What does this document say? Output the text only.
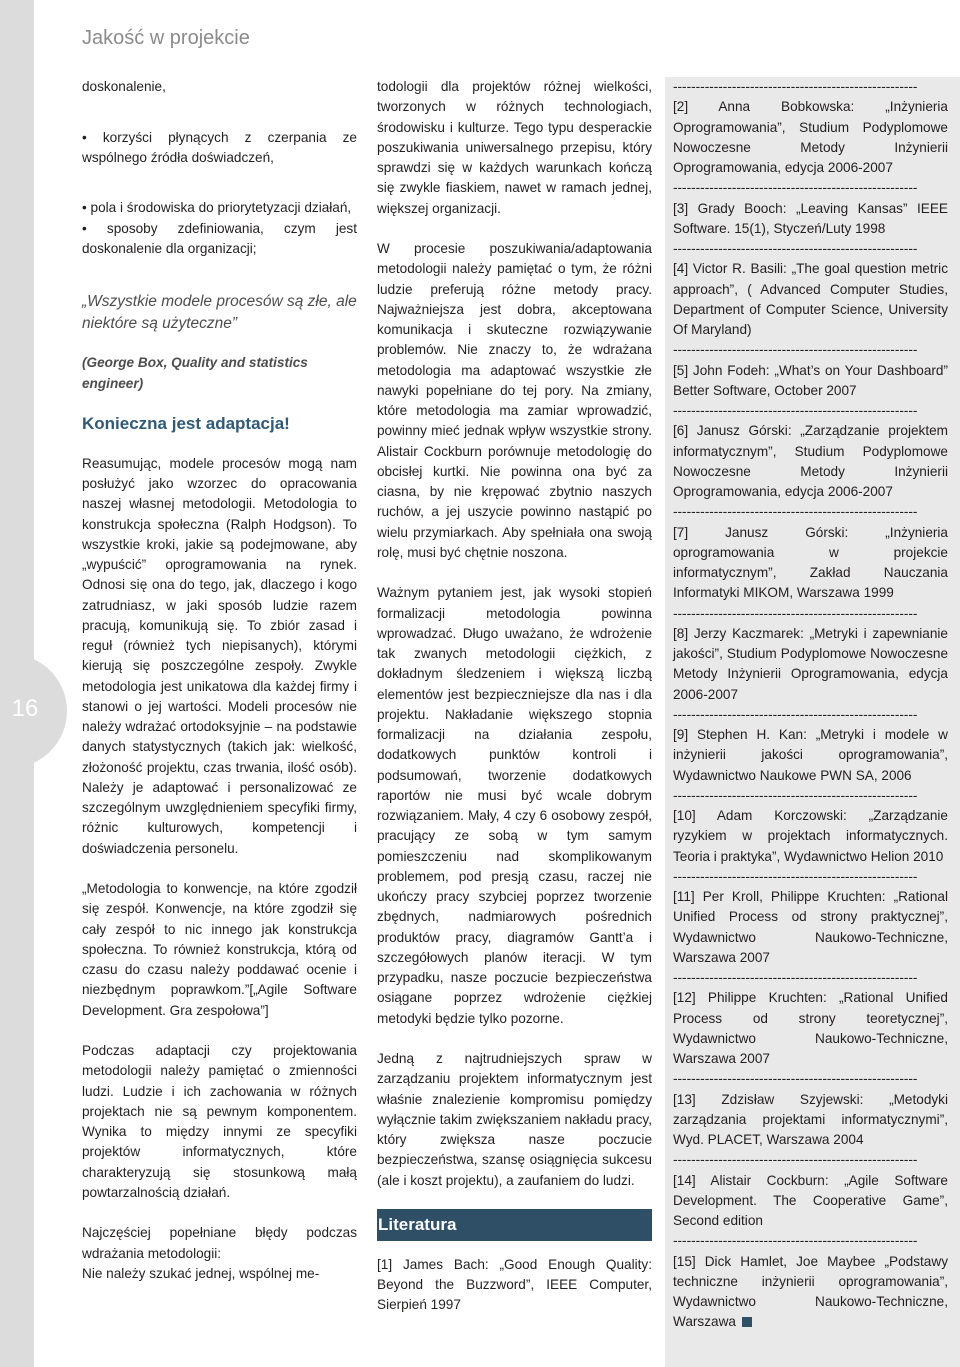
16
Jakość w projekcie

doskonalenie,

• korzyści płynących z czerpania ze wspólnego źródła doświadczeń,

• pola i środowiska do priorytetyzacji działań,

• sposoby zdefiniowania, czym jest doskonalenie dla organizacji;

„Wszystkie modele procesów są złe, ale niektóre są użyteczne”

(George Box, Quality and statistics engineer)

Konieczna jest adaptacja!

Reasumując, modele procesów mogą nam posłużyć jako wzorzec do opracowania naszej własnej metodologii. Metodologia to konstrukcja społeczna (Ralph Hodgson). To wszystkie kroki, jakie są podejmowane, aby „wypuścić” oprogramowania na rynek. Odnosi się ona do tego, jak, dlaczego i kogo zatrudniasz, w jaki sposób ludzie razem pracują, komunikują się. To zbiór zasad i reguł (również tych niepisanych), którymi kierują się poszczególne zespoły. Zwykle metodologia jest unikatowa dla każdej firmy i stanowi o jej wartości. Modeli procesów nie należy wdrażać ortodoksyjnie – na podstawie danych statystycznych (takich jak: wielkość, złożoność projektu, czas trwania, ilość osób). Należy je adaptować i personalizować ze szczególnym uwzględnieniem specyfiki firmy, różnic kulturowych, kompetencji i doświadczenia personelu.

„Metodologia to konwencje, na które zgodził się zespół. Konwencje, na które zgodził się cały zespół to nic innego jak konstrukcja społeczna. To również konstrukcja, którą od czasu do czasu należy poddawać ocenie i niezbędnym poprawkom.”[„Agile Software Development. Gra zespołowa”]

Podczas adaptacji czy projektowania metodologii należy pamiętać o zmienności ludzi. Ludzie i ich zachowania w różnych projektach nie są pewnym komponentem. Wynika to między innymi ze specyfiki projektów informatycznych, które charakteryzują się stosunkową małą powtarzalnością działań.

Najczęściej popełniane błędy podczas wdrażania metodologii:

Nie należy szukać jednej, wspólnej me-

todologii dla projektów różnej wielkości, tworzonych w różnych technologiach, środowisku i kulturze. Tego typu desperackie poszukiwania uniwersalnego przepisu, który sprawdzi się w każdych warunkach kończą się zwykle fiaskiem, nawet w ramach jednej, większej organizacji.

W procesie poszukiwania/adaptowania metodologii należy pamiętać o tym, że różni ludzie preferują różne metody pracy. Najważniejsza jest dobra, akceptowana komunikacja i skuteczne rozwiązywanie problemów. Nie znaczy to, że wdrażana metodologia ma adaptować wszystkie złe nawyki popełniane do tej pory. Na zmiany, które metodologia ma zamiar wprowadzić, powinny mieć jednak wpływ wszystkie strony. Alistair Cockburn porównuje metodologię do obcisłej kurtki. Nie powinna ona być za ciasna, by nie krępować zbytnio naszych ruchów, a jej uszycie powinno nastąpić po wielu przymiarkach. Aby spełniała ona swoją rolę, musi być chętnie noszona.

Ważnym pytaniem jest, jak wysoki stopień formalizacji metodologia powinna wprowadzać. Długo uważano, że wdrożenie tak zwanych metodologii ciężkich, z dokładnym śledzeniem i większą liczbą elementów jest bezpieczniejsze dla nas i dla projektu. Nakładanie większego stopnia formalizacji na działania zespołu, dodatkowych punktów kontroli i podsumowań, tworzenie dodatkowych raportów nie musi być wcale dobrym rozwiązaniem. Mały, 4 czy 6 osobowy zespół, pracujący ze sobą w tym samym pomieszczeniu nad skomplikowanym problemem, pod presją czasu, raczej nie ukończy pracy szybciej poprzez tworzenie zbędnych, nadmiarowych pośrednich produktów pracy, diagramów Gantt’a i szczegółowych planów iteracji. W tym przypadku, nasze poczucie bezpieczeństwa osiągane poprzez wdrożenie ciężkiej metodyki będzie tylko pozorne.

Jedną z najtrudniejszych spraw w zarządzaniu projektem informatycznym jest właśnie znalezienie kompromisu pomiędzy wyłącznie takim zwiększaniem nakładu pracy, który zwiększa nasze poczucie bezpieczeństwa, szansę osiągnięcia sukcesu (ale i koszt projektu), a zaufaniem do ludzi.

Literatura

[1] James Bach: „Good Enough Quality: Beyond the Buzzword”, IEEE Computer, Sierpień 1997

------------------------------------------------------

[2] Anna Bobkowska: „Inżynieria Oprogramowania”, Studium Podyplomowe Nowoczesne Metody Inżynierii Oprogramowania, edycja 2006-2007

------------------------------------------------------

[3] Grady Booch: „Leaving Kansas” IEEE Software. 15(1), Styczeń/Luty 1998

------------------------------------------------------

[4] Victor R. Basili: „The goal question metric approach”, ( Advanced Computer Studies, Department of Computer Science, University Of Maryland)

------------------------------------------------------

[5] John Fodeh: „What’s on Your Dashboard” Better Software, October 2007

------------------------------------------------------

[6] Janusz Górski: „Zarządzanie projektem informatycznym”, Studium Podyplomowe Nowoczesne Metody Inżynierii Oprogramowania, edycja 2006-2007

------------------------------------------------------

[7] Janusz Górski: „Inżynieria oprogramowania w projekcie informatycznym”, Zakład Nauczania Informatyki MIKOM, Warszawa 1999

------------------------------------------------------

[8] Jerzy Kaczmarek: „Metryki i zapewnianie jakości”, Studium Podyplomowe Nowoczesne Metody Inżynierii Oprogramowania, edycja 2006-2007

------------------------------------------------------

[9] Stephen H. Kan: „Metryki i modele w inżynierii jakości oprogramowania”, Wydawnictwo Naukowe PWN SA, 2006

------------------------------------------------------

[10] Adam Korczowski: „Zarządzanie ryzykiem w projektach informatycznych. Teoria i praktyka”, Wydawnictwo Helion 2010

------------------------------------------------------

[11] Per Kroll, Philippe Kruchten: „Rational Unified Process od strony praktycznej”, Wydawnictwo Naukowo-Techniczne, Warszawa 2007

------------------------------------------------------

[12] Philippe Kruchten: „Rational Unified Process od strony teoretycznej”, Wydawnictwo Naukowo-Techniczne, Warszawa 2007

------------------------------------------------------

[13] Zdzisław Szyjewski: „Metodyki zarządzania projektami informatycznymi”, Wyd. PLACET, Warszawa 2004

------------------------------------------------------

[14] Alistair Cockburn: „Agile Software Development. The Cooperative Game”, Second edition

------------------------------------------------------

[15] Dick Hamlet, Joe Maybee „Podstawy techniczne inżynierii oprogramowania”, Wydawnictwo Naukowo-Techniczne, Warszawa
